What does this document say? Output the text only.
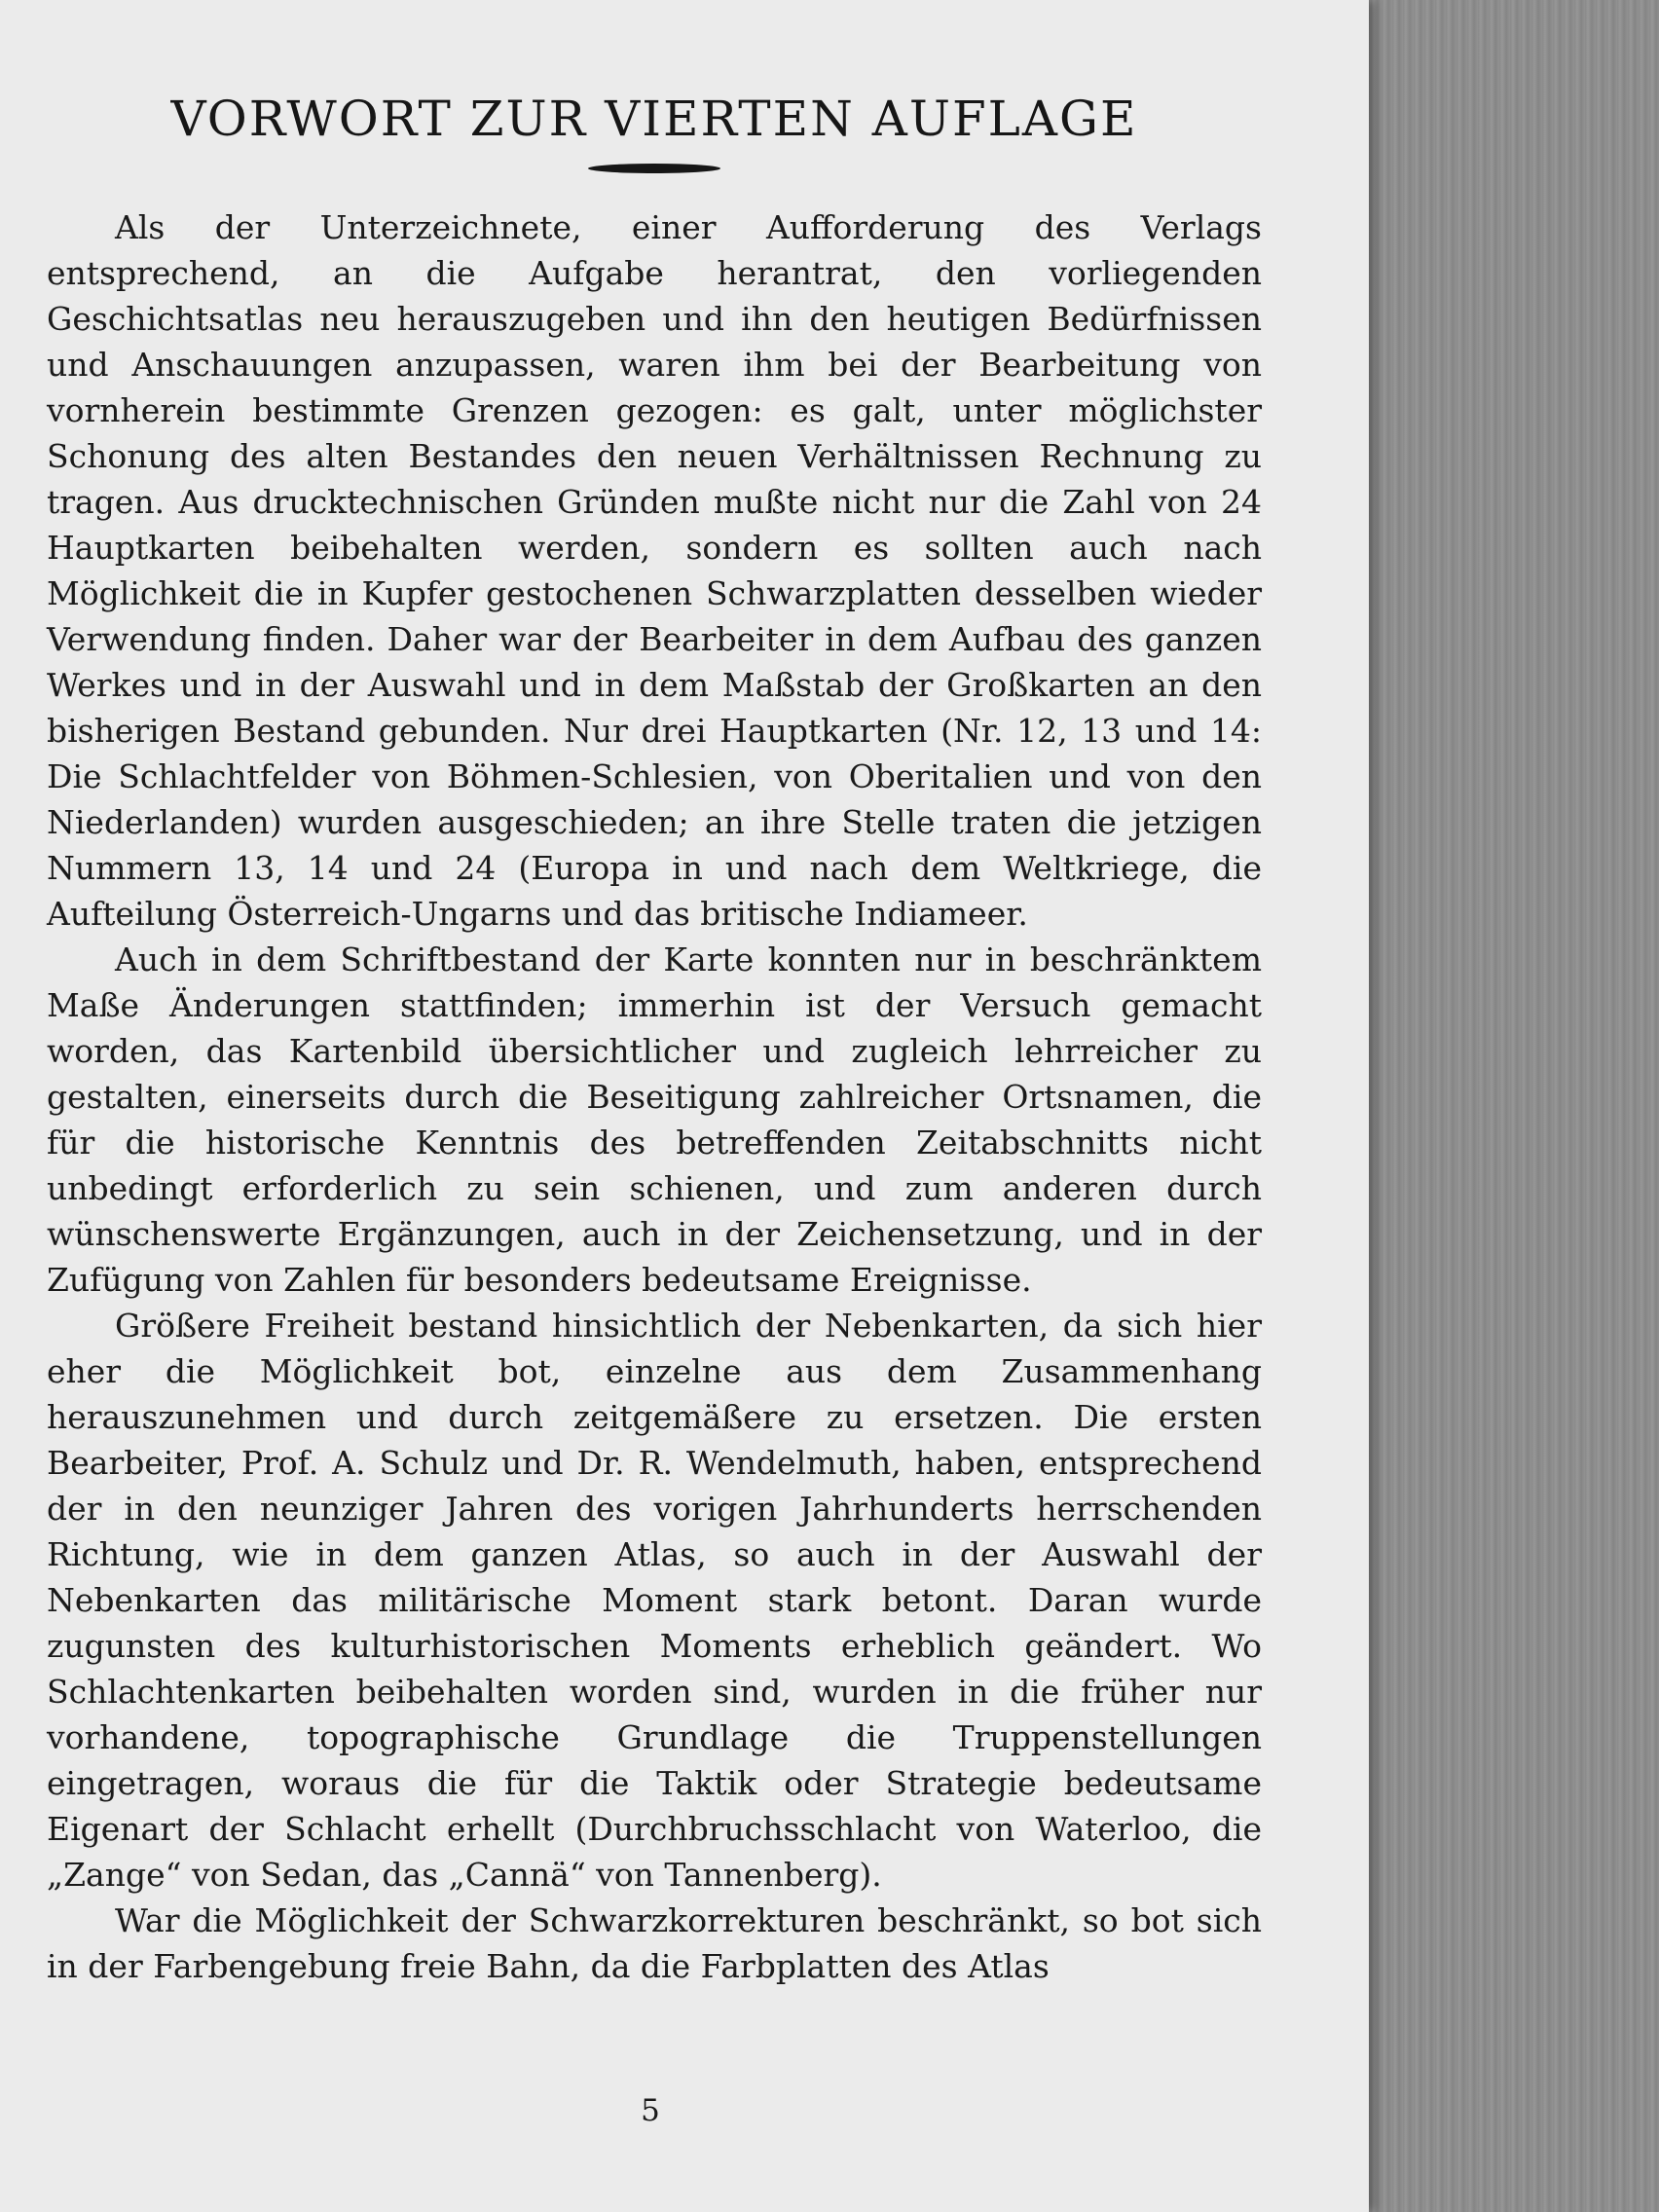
VORWORT ZUR VIERTEN AUFLAGE

Als der Unterzeichnete, einer Aufforderung des Verlags entsprechend, an die Aufgabe herantrat, den vorliegenden Geschichtsatlas neu herauszugeben und ihn den heutigen Bedürfnissen und Anschauungen anzupassen, waren ihm bei der Bearbeitung von vornherein bestimmte Grenzen gezogen: es galt, unter möglichster Schonung des alten Bestandes den neuen Verhältnissen Rechnung zu tragen. Aus drucktechnischen Gründen mußte nicht nur die Zahl von 24 Hauptkarten beibehalten werden, sondern es sollten auch nach Möglichkeit die in Kupfer gestochenen Schwarzplatten desselben wieder Verwendung finden. Daher war der Bearbeiter in dem Aufbau des ganzen Werkes und in der Auswahl und in dem Maßstab der Großkarten an den bisherigen Bestand gebunden. Nur drei Hauptkarten (Nr. 12, 13 und 14: Die Schlachtfelder von Böhmen-Schlesien, von Oberitalien und von den Niederlanden) wurden ausgeschieden; an ihre Stelle traten die jetzigen Nummern 13, 14 und 24 (Europa in und nach dem Weltkriege, die Aufteilung Österreich-Ungarns und das britische Indiameer.

Auch in dem Schriftbestand der Karte konnten nur in beschränktem Maße Änderungen stattfinden; immerhin ist der Versuch gemacht worden, das Kartenbild übersichtlicher und zugleich lehrreicher zu gestalten, einerseits durch die Beseitigung zahlreicher Ortsnamen, die für die historische Kenntnis des betreffenden Zeitabschnitts nicht unbedingt erforderlich zu sein schienen, und zum anderen durch wünschenswerte Ergänzungen, auch in der Zeichensetzung, und in der Zufügung von Zahlen für besonders bedeutsame Ereignisse.

Größere Freiheit bestand hinsichtlich der Nebenkarten, da sich hier eher die Möglichkeit bot, einzelne aus dem Zusammenhang herauszunehmen und durch zeitgemäßere zu ersetzen. Die ersten Bearbeiter, Prof. A. Schulz und Dr. R. Wendelmuth, haben, entsprechend der in den neunziger Jahren des vorigen Jahrhunderts herrschenden Richtung, wie in dem ganzen Atlas, so auch in der Auswahl der Nebenkarten das militärische Moment stark betont. Daran wurde zugunsten des kulturhistorischen Moments erheblich geändert. Wo Schlachtenkarten beibehalten worden sind, wurden in die früher nur vorhandene, topographische Grundlage die Truppenstellungen eingetragen, woraus die für die Taktik oder Strategie bedeutsame Eigenart der Schlacht erhellt (Durchbruchsschlacht von Waterloo, die „Zange“ von Sedan, das „Cannä“ von Tannenberg).

War die Möglichkeit der Schwarzkorrekturen beschränkt, so bot sich in der Farbengebung freie Bahn, da die Farbplatten des Atlas

5
